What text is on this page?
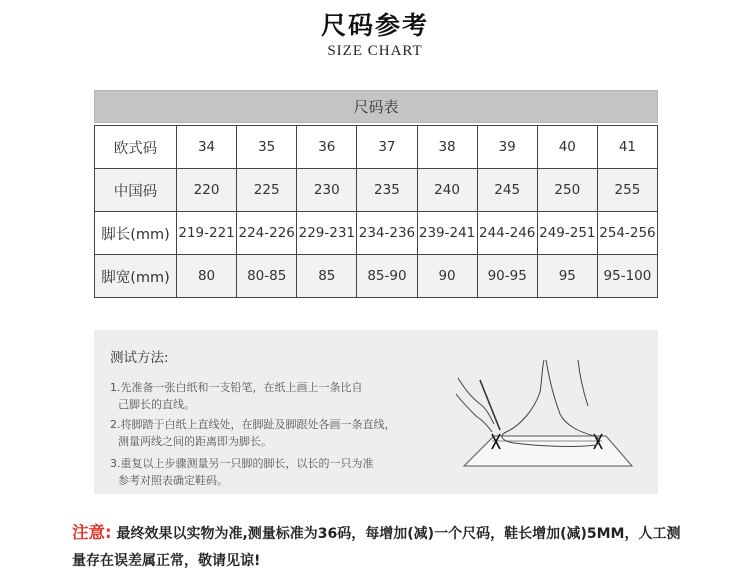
尺码参考
SIZE CHART
尺码表
欧式码	34	35	36	37	38	39	40	41
中国码	220	225	230	235	240	245	250	255
脚长(mm)	219-221	224-226	229-231	234-236	239-241	244-246	249-251	254-256
脚宽(mm)	80	80-85	85	85-90	90	90-95	95	95-100
测试方法:
1.先准备一张白纸和一支铅笔，在纸上画上一条比自
己脚长的直线。
2.将脚踏于白纸上直线处，在脚趾及脚跟处各画一条直线，
测量两线之间的距离即为脚长。
3.重复以上步骤测量另一只脚的脚长，以长的一只为准
参考对照表确定鞋码。
注意: 最终效果以实物为准,测量标准为36码，每增加(减)一个尺码，鞋长增加(减)5MM，人工测量存在误差属正常，敬请见谅!
